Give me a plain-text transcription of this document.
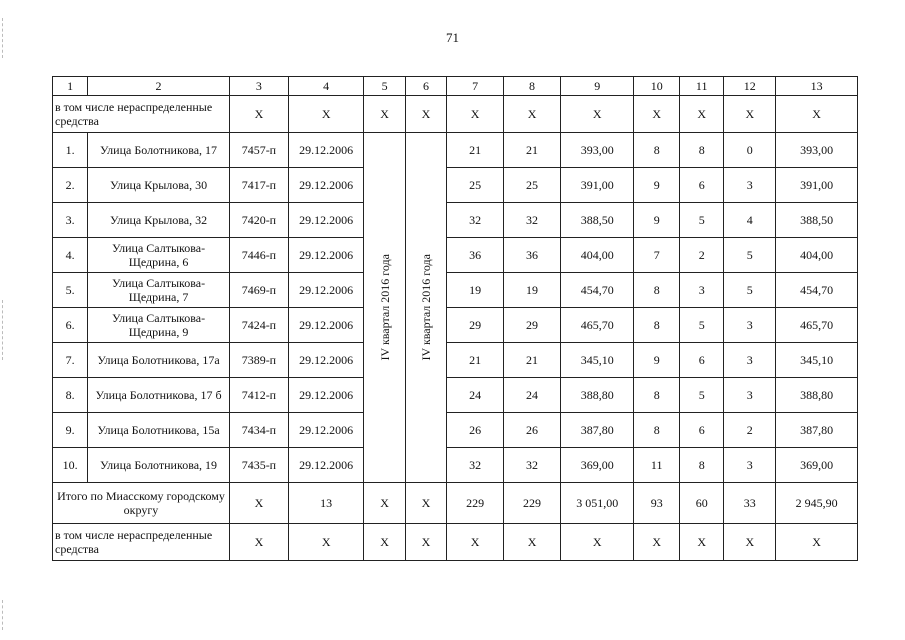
71
1	2	3	4	5	6	7	8	9	10	11	12	13
в том числе нераспределенные средства		X	X	X	X	X	X	X	X	X	X	X
1.	Улица Болотникова, 17	7457-п	29.12.2006	IV квартал 2016 года	IV квартал 2016 года	21	21	393,00	8	8	0	393,00
2.	Улица Крылова, 30	7417-п	29.12.2006			25	25	391,00	9	6	3	391,00
3.	Улица Крылова, 32	7420-п	29.12.2006			32	32	388,50	9	5	4	388,50
4.	Улица Салтыкова-Щедрина, 6	7446-п	29.12.2006			36	36	404,00	7	2	5	404,00
5.	Улица Салтыкова-Щедрина, 7	7469-п	29.12.2006			19	19	454,70	8	3	5	454,70
6.	Улица Салтыкова-Щедрина, 9	7424-п	29.12.2006			29	29	465,70	8	5	3	465,70
7.	Улица Болотникова, 17а	7389-п	29.12.2006			21	21	345,10	9	6	3	345,10
8.	Улица Болотникова, 17 б	7412-п	29.12.2006			24	24	388,80	8	5	3	388,80
9.	Улица Болотникова, 15а	7434-п	29.12.2006			26	26	387,80	8	6	2	387,80
10.	Улица Болотникова, 19	7435-п	29.12.2006			32	32	369,00	11	8	3	369,00
Итого по Миасскому городскому округу		X	13	X	X	229	229	3 051,00	93	60	33	2 945,90
в том числе нераспределенные средства		X	X	X	X	X	X	X	X	X	X	X
